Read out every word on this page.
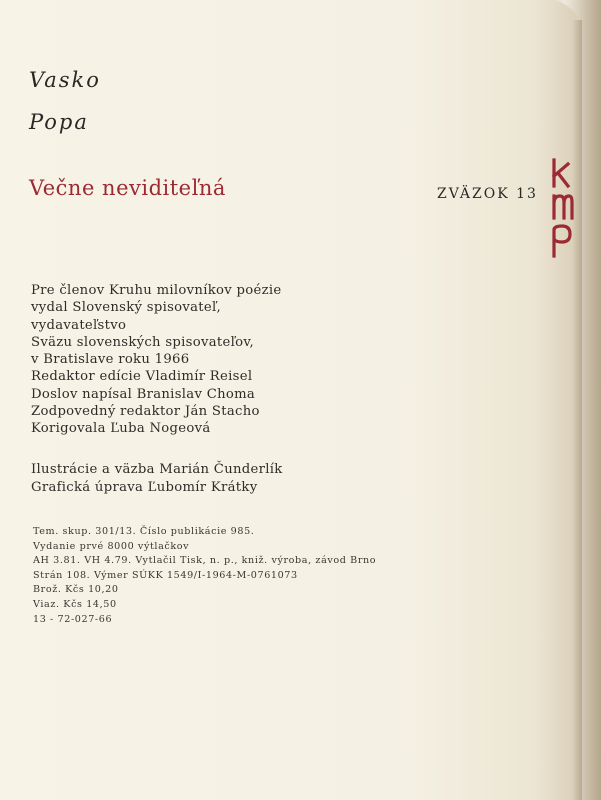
Vasko
Popa
Večne neviditeľná	ZVÄZOK 13
Pre členov Kruhu milovníkov poézie
vydal Slovenský spisovateľ,
vydavateľstvo
Sväzu slovenských spisovateľov,
v Bratislave roku 1966
Redaktor edície Vladimír Reisel
Doslov napísal Branislav Choma
Zodpovedný redaktor Ján Stacho
Korigovala Ľuba Nogeová
Ilustrácie a väzba Marián Čunderlík
Grafická úprava Ľubomír Krátky
Tem. skup. 301/13. Číslo publikácie 985.
Vydanie prvé 8000 výtlačkov
AH 3.81. VH 4.79. Vytlačil Tisk, n. p., kniž. výroba, závod Brno
Strán 108. Výmer SÚKK 1549/I-1964-M-0761073
Brož. Kčs 10,20
Viaz. Kčs 14,50
13 - 72-027-66
